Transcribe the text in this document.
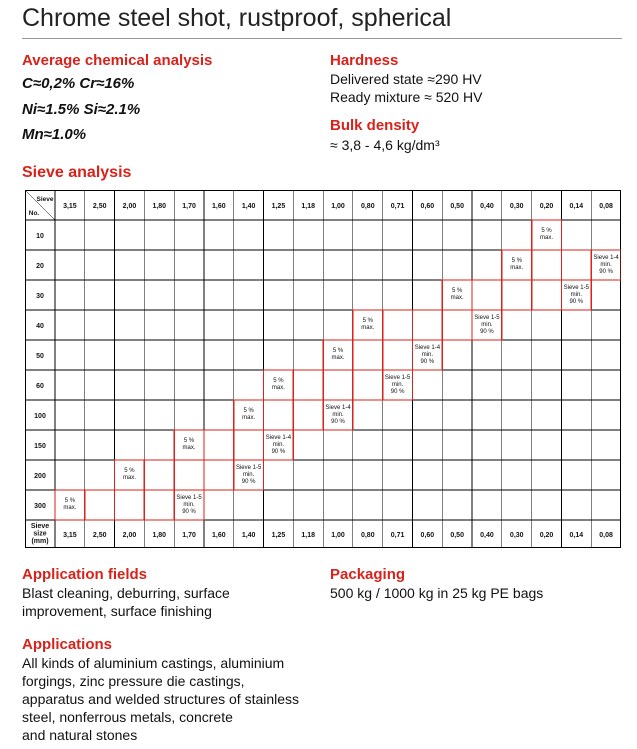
Chrome steel shot, rustproof, spherical
Average chemical analysis
C≈0,2% Cr≈16%
Ni≈1.5% Si≈2.1%
Mn≈1.0%
Hardness
Delivered state ≈290 HV
Ready mixture ≈ 520 HV
Bulk density
≈ 3,8 - 4,6 kg/dm³
Sieve analysis
Sieve
No.
3,15
3,15
2,50
2,50
2,00
2,00
1,80
1,80
1,70
1,70
1,60
1,60
1,40
1,40
1,25
1,25
1,18
1,18
1,00
1,00
0,80
0,80
0,71
0,71
0,60
0,60
0,50
0,50
0,40
0,40
0,30
0,30
0,20
0,20
0,14
0,14
0,08
0,08
Sieve
size
(mm)
10
5 %
max.
20
5 %
max.
Sieve 1-4
min.
90 %
30
5 %
max.
Sieve 1-5
min.
90 %
40
5 %
max.
Sieve 1-5
min.
90 %
50
5 %
max.
Sieve 1-4
min.
90 %
60
5 %
max.
Sieve 1-5
min.
90 %
100
5 %
max.
Sieve 1-4
min.
90 %
150
5 %
max.
Sieve 1-4
min.
90 %
200
5 %
max.
Sieve 1-5
min.
90 %
300
5 %
max.
Sieve 1-5
min.
90 %
Application fields
Blast cleaning, deburring, surface
improvement, surface finishing
Packaging
500 kg / 1000 kg in 25 kg PE bags
Applications
All kinds of aluminium castings, aluminium
forgings, zinc pressure die castings,
apparatus and welded structures of stainless
steel, nonferrous metals, concrete
and natural stones
